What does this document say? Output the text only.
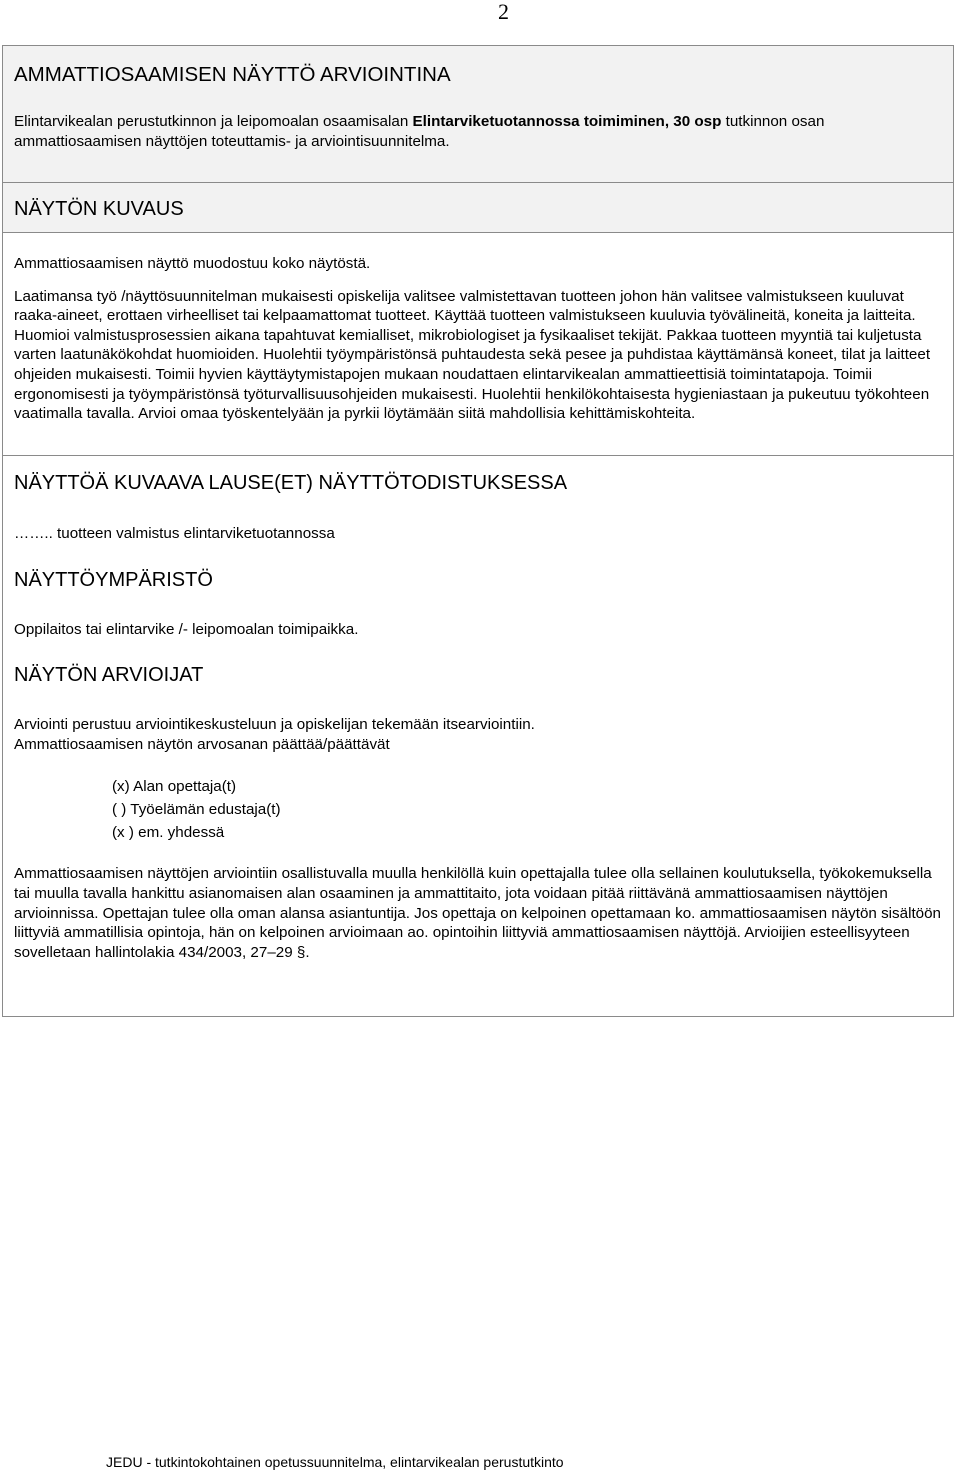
2
AMMATTIOSAAMISEN NÄYTTÖ ARVIOINTINA

Elintarvikealan perustutkinnon ja leipomoalan osaamisalan Elintarviketuotannossa toimiminen, 30 osp tutkinnon osan ammattiosaamisen näyttöjen toteuttamis- ja arviointisuunnitelma.

NÄYTÖN KUVAUS

Ammattiosaamisen näyttö muodostuu koko näytöstä.

Laatimansa työ /näyttösuunnitelman mukaisesti opiskelija valitsee valmistettavan tuotteen johon hän valitsee valmistukseen kuuluvat raaka-aineet, erottaen virheelliset tai kelpaamattomat tuotteet. Käyttää tuotteen valmistukseen kuuluvia työvälineitä, koneita ja laitteita. Huomioi valmistusprosessien aikana tapahtuvat kemialliset, mikrobiologiset ja fysikaaliset tekijät. Pakkaa tuotteen myyntiä tai kuljetusta varten laatunäkökohdat huomioiden. Huolehtii työympäristönsä puhtaudesta sekä pesee ja puhdistaa käyttämänsä koneet, tilat ja laitteet ohjeiden mukaisesti. Toimii hyvien käyttäytymistapojen mukaan noudattaen elintarvikealan ammattieettisiä toimintatapoja. Toimii ergonomisesti ja työympäristönsä työturvallisuusohjeiden mukaisesti. Huolehtii henkilökohtaisesta hygieniastaan ja pukeutuu työkohteen vaatimalla tavalla. Arvioi omaa työskentelyään ja pyrkii löytämään siitä mahdollisia kehittämiskohteita.

NÄYTTÖÄ KUVAAVA LAUSE(ET) NÄYTTÖTODISTUKSESSA

…….. tuotteen valmistus elintarviketuotannossa

NÄYTTÖYMPÄRISTÖ

Oppilaitos tai elintarvike /- leipomoalan toimipaikka.

NÄYTÖN ARVIOIJAT

Arviointi perustuu arviointikeskusteluun ja opiskelijan tekemään itsearviointiin.

Ammattiosaamisen näytön arvosanan päättää/päättävät

(x) Alan opettaja(t)

( ) Työelämän edustaja(t)

(x ) em. yhdessä

Ammattiosaamisen näyttöjen arviointiin osallistuvalla muulla henkilöllä kuin opettajalla tulee olla sellainen koulutuksella, työkokemuksella tai muulla tavalla hankittu asianomaisen alan osaaminen ja ammattitaito, jota voidaan pitää riittävänä ammattiosaamisen näyttöjen arvioinnissa. Opettajan tulee olla oman alansa asiantuntija. Jos opettaja on kelpoinen opettamaan ko. ammattiosaamisen näytön sisältöön liittyviä ammatillisia opintoja, hän on kelpoinen arvioimaan ao. opintoihin liittyviä ammattiosaamisen näyttöjä. Arvioijien esteellisyyteen sovelletaan hallintolakia 434/2003, 27–29 §.

JEDU - tutkintokohtainen opetussuunnitelma, elintarvikealan perustutkinto
